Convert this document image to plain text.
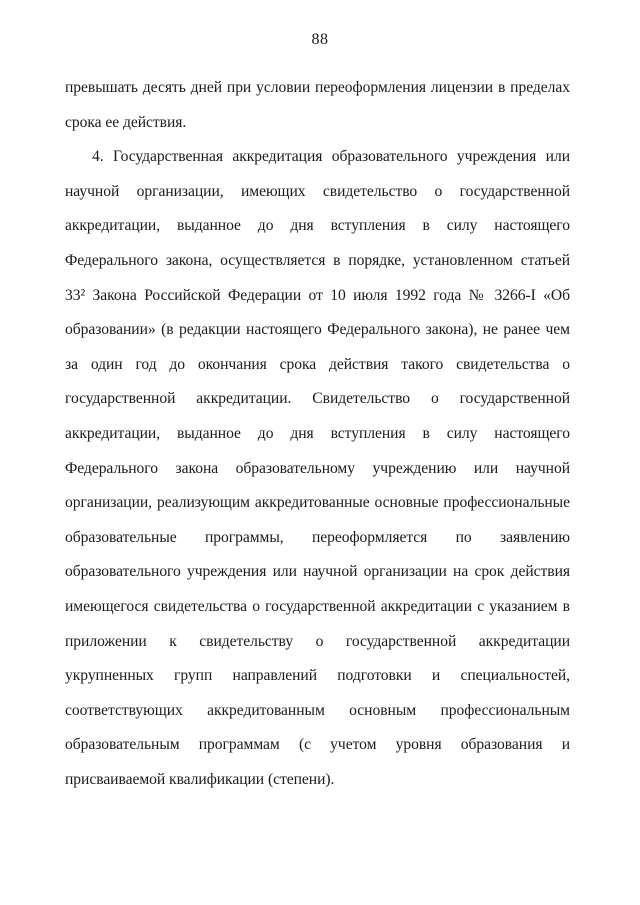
88
превышать десять дней при условии переоформления лицензии в пределах
срока ее действия.
4. Государственная аккредитация образовательного учреждения или
научной организации, имеющих свидетельство о государственной
аккредитации, выданное до дня вступления в силу настоящего
Федерального закона, осуществляется в порядке, установленном статьей
33² Закона Российской Федерации от 10 июля 1992 года № 3266-I «Об
образовании» (в редакции настоящего Федерального закона), не ранее чем
за один год до окончания срока действия такого свидетельства о
государственной аккредитации. Свидетельство о государственной
аккредитации, выданное до дня вступления в силу настоящего
Федерального закона образовательному учреждению или научной
организации, реализующим аккредитованные основные профессиональные
образовательные программы, переоформляется по заявлению
образовательного учреждения или научной организации на срок действия
имеющегося свидетельства о государственной аккредитации с указанием в
приложении к свидетельству о государственной аккредитации
укрупненных групп направлений подготовки и специальностей,
соответствующих аккредитованным основным профессиональным
образовательным программам (с учетом уровня образования и
присваиваемой квалификации (степени).
